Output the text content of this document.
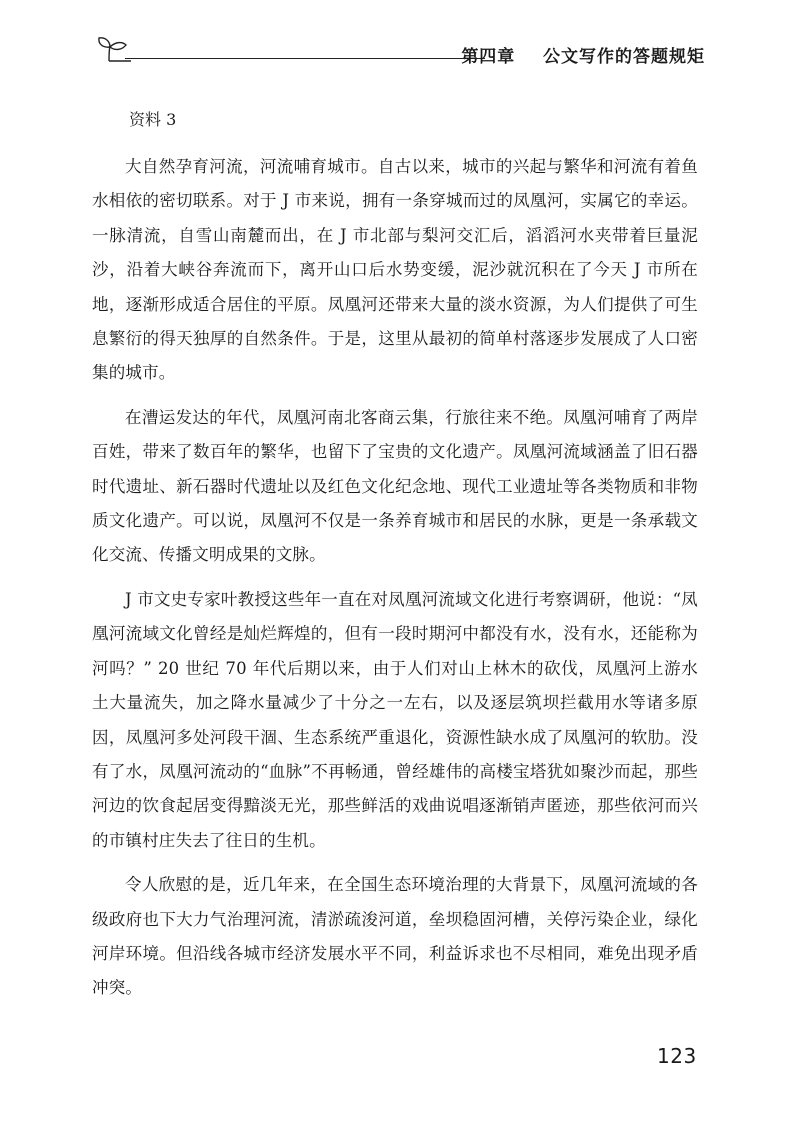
第四章    公文写作的答题规矩
资料 3

大自然孕育河流，河流哺育城市。自古以来，城市的兴起与繁华和河流有着鱼水相依的密切联系。对于 J 市来说，拥有一条穿城而过的凤凰河，实属它的幸运。一脉清流，自雪山南麓而出，在 J 市北部与梨河交汇后，滔滔河水夹带着巨量泥沙，沿着大峡谷奔流而下，离开山口后水势变缓，泥沙就沉积在了今天 J 市所在地，逐渐形成适合居住的平原。凤凰河还带来大量的淡水资源，为人们提供了可生息繁衍的得天独厚的自然条件。于是，这里从最初的简单村落逐步发展成了人口密集的城市。

在漕运发达的年代，凤凰河南北客商云集，行旅往来不绝。凤凰河哺育了两岸百姓，带来了数百年的繁华，也留下了宝贵的文化遗产。凤凰河流域涵盖了旧石器时代遗址、新石器时代遗址以及红色文化纪念地、现代工业遗址等各类物质和非物质文化遗产。可以说，凤凰河不仅是一条养育城市和居民的水脉，更是一条承载文化交流、传播文明成果的文脉。

J 市文史专家叶教授这些年一直在对凤凰河流域文化进行考察调研，他说：“凤凰河流域文化曾经是灿烂辉煌的，但有一段时期河中都没有水，没有水，还能称为河吗？” 20 世纪 70 年代后期以来，由于人们对山上林木的砍伐，凤凰河上游水土大量流失，加之降水量减少了十分之一左右，以及逐层筑坝拦截用水等诸多原因，凤凰河多处河段干涸、生态系统严重退化，资源性缺水成了凤凰河的软肋。没有了水，凤凰河流动的“血脉”不再畅通，曾经雄伟的高楼宝塔犹如聚沙而起，那些河边的饮食起居变得黯淡无光，那些鲜活的戏曲说唱逐渐销声匿迹，那些依河而兴的市镇村庄失去了往日的生机。

令人欣慰的是，近几年来，在全国生态环境治理的大背景下，凤凰河流域的各级政府也下大力气治理河流，清淤疏浚河道，垒坝稳固河槽，关停污染企业，绿化河岸环境。但沿线各城市经济发展水平不同，利益诉求也不尽相同，难免出现矛盾冲突。

123
